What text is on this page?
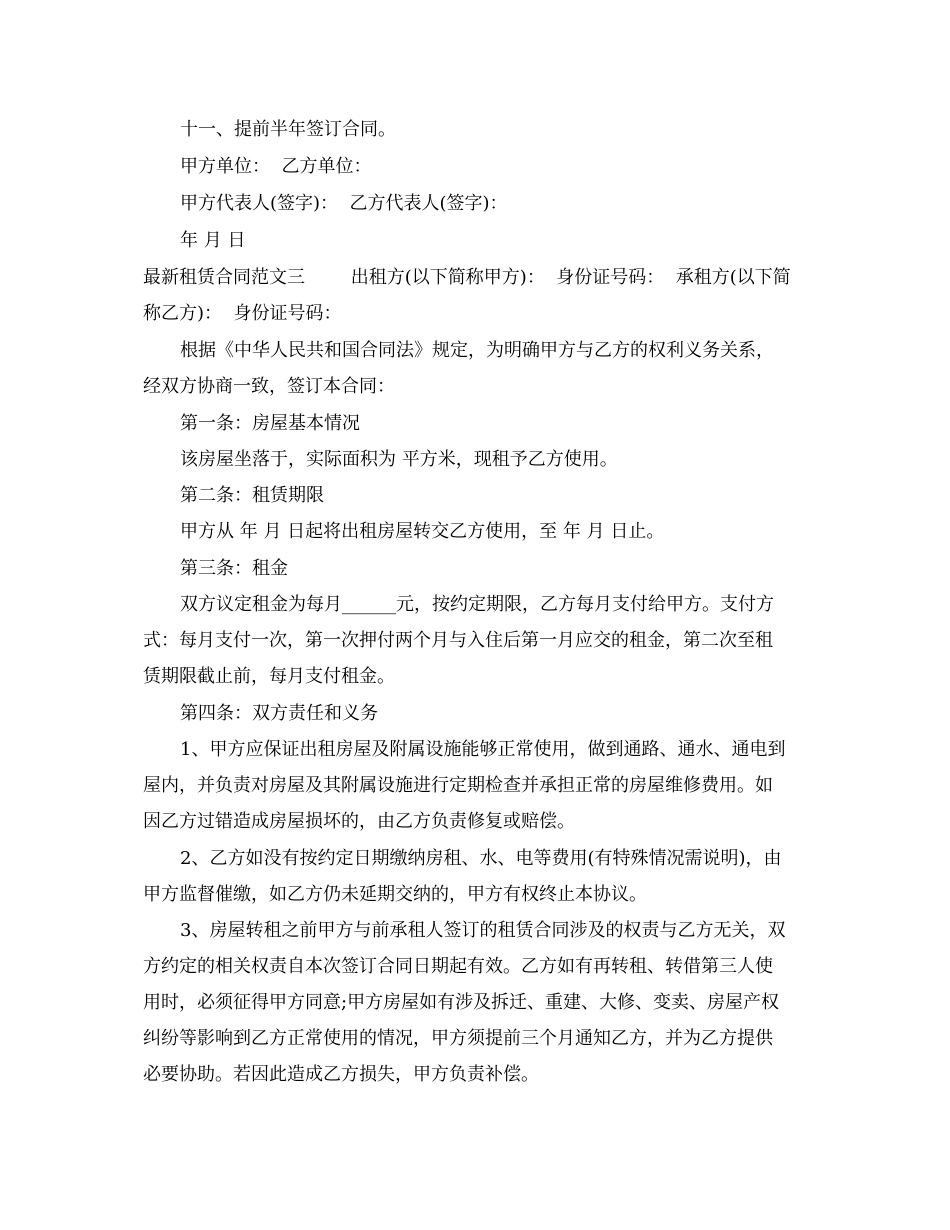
十一、提前半年签订合同。
甲方单位：  乙方单位：
甲方代表人(签字)：  乙方代表人(签字)：
年 月 日
最新租赁合同范文三        出租方(以下简称甲方)：  身份证号码：  承租方(以下简
称乙方)：  身份证号码：
根据《中华人民共和国合同法》规定，为明确甲方与乙方的权利义务关系，
经双方协商一致，签订本合同：
第一条：房屋基本情况
该房屋坐落于，实际面积为 平方米，现租予乙方使用。
第二条：租赁期限
甲方从 年 月 日起将出租房屋转交乙方使用，至 年 月 日止。
第三条：租金
双方议定租金为每月______元，按约定期限，乙方每月支付给甲方。支付方
式：每月支付一次，第一次押付两个月与入住后第一月应交的租金，第二次至租
赁期限截止前，每月支付租金。
第四条：双方责任和义务
1、甲方应保证出租房屋及附属设施能够正常使用，做到通路、通水、通电到
屋内，并负责对房屋及其附属设施进行定期检查并承担正常的房屋维修费用。如
因乙方过错造成房屋损坏的，由乙方负责修复或赔偿。
2、乙方如没有按约定日期缴纳房租、水、电等费用(有特殊情况需说明)，由
甲方监督催缴，如乙方仍未延期交纳的，甲方有权终止本协议。
3、房屋转租之前甲方与前承租人签订的租赁合同涉及的权责与乙方无关，双
方约定的相关权责自本次签订合同日期起有效。乙方如有再转租、转借第三人使
用时，必须征得甲方同意;甲方房屋如有涉及拆迁、重建、大修、变卖、房屋产权
纠纷等影响到乙方正常使用的情况，甲方须提前三个月通知乙方，并为乙方提供
必要协助。若因此造成乙方损失，甲方负责补偿。
